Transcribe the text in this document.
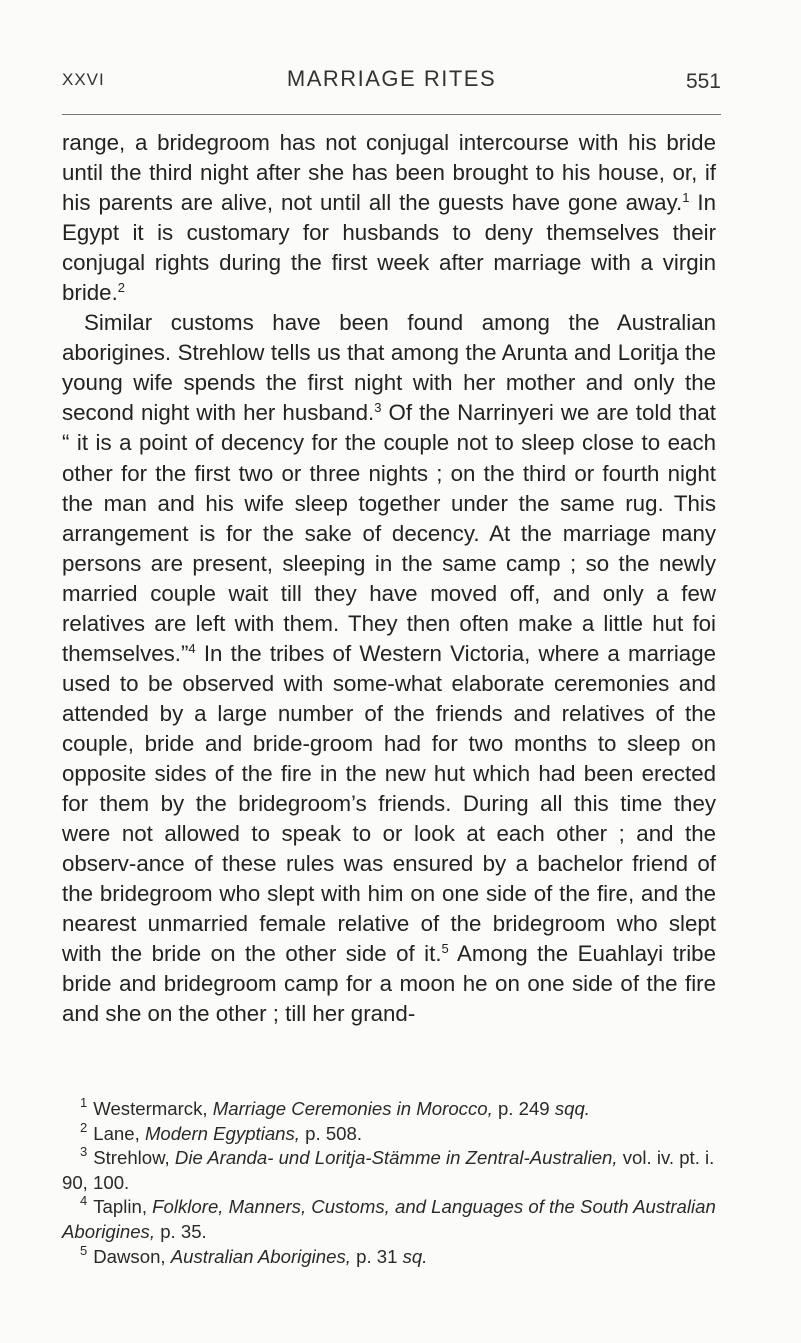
XXVI	MARRIAGE RITES	551

range, a bridegroom has not conjugal intercourse with his bride until the third night after she has been brought to his house, or, if his parents are alive, not until all the guests have gone away.$^1$ In Egypt it is customary for husbands to deny themselves their conjugal rights during the first week after marriage with a virgin bride.$^2$

Similar customs have been found among the Australian aborigines. Strehlow tells us that among the Arunta and Loritja the young wife spends the first night with her mother and only the second night with her husband.$^3$ Of the Narrinyeri we are told that “ it is a point of decency for the couple not to sleep close to each other for the first two or three nights ; on the third or fourth night the man and his wife sleep together under the same rug. This arrangement is for the sake of decency. At the marriage many persons are present, sleeping in the same camp ; so the newly married couple wait till they have moved off, and only a few relatives are left with them. They then often make a little hut foi themselves.”$^4$ In the tribes of Western Victoria, where a marriage used to be observed with some-what elaborate ceremonies and attended by a large number of the friends and relatives of the couple, bride and bride-groom had for two months to sleep on opposite sides of the fire in the new hut which had been erected for them by the bridegroom’s friends. During all this time they were not allowed to speak to or look at each other ; and the observ-ance of these rules was ensured by a bachelor friend of the bridegroom who slept with him on one side of the fire, and the nearest unmarried female relative of the bridegroom who slept with the bride on the other side of it.$^5$ Among the Euahlayi tribe bride and bridegroom camp for a moon he on one side of the fire and she on the other ; till her grand-

$^1$ Westermarck, Marriage Ceremonies in Morocco, p. 249 sqq.
$^2$ Lane, Modern Egyptians, p. 508.
$^3$ Strehlow, Die Aranda- und Loritja-Stämme in Zentral-Australien, vol. iv. pt. i. 90, 100.
$^4$ Taplin, Folklore, Manners, Customs, and Languages of the South Australian Aborigines, p. 35.
$^5$ Dawson, Australian Aborigines, p. 31 sq.
